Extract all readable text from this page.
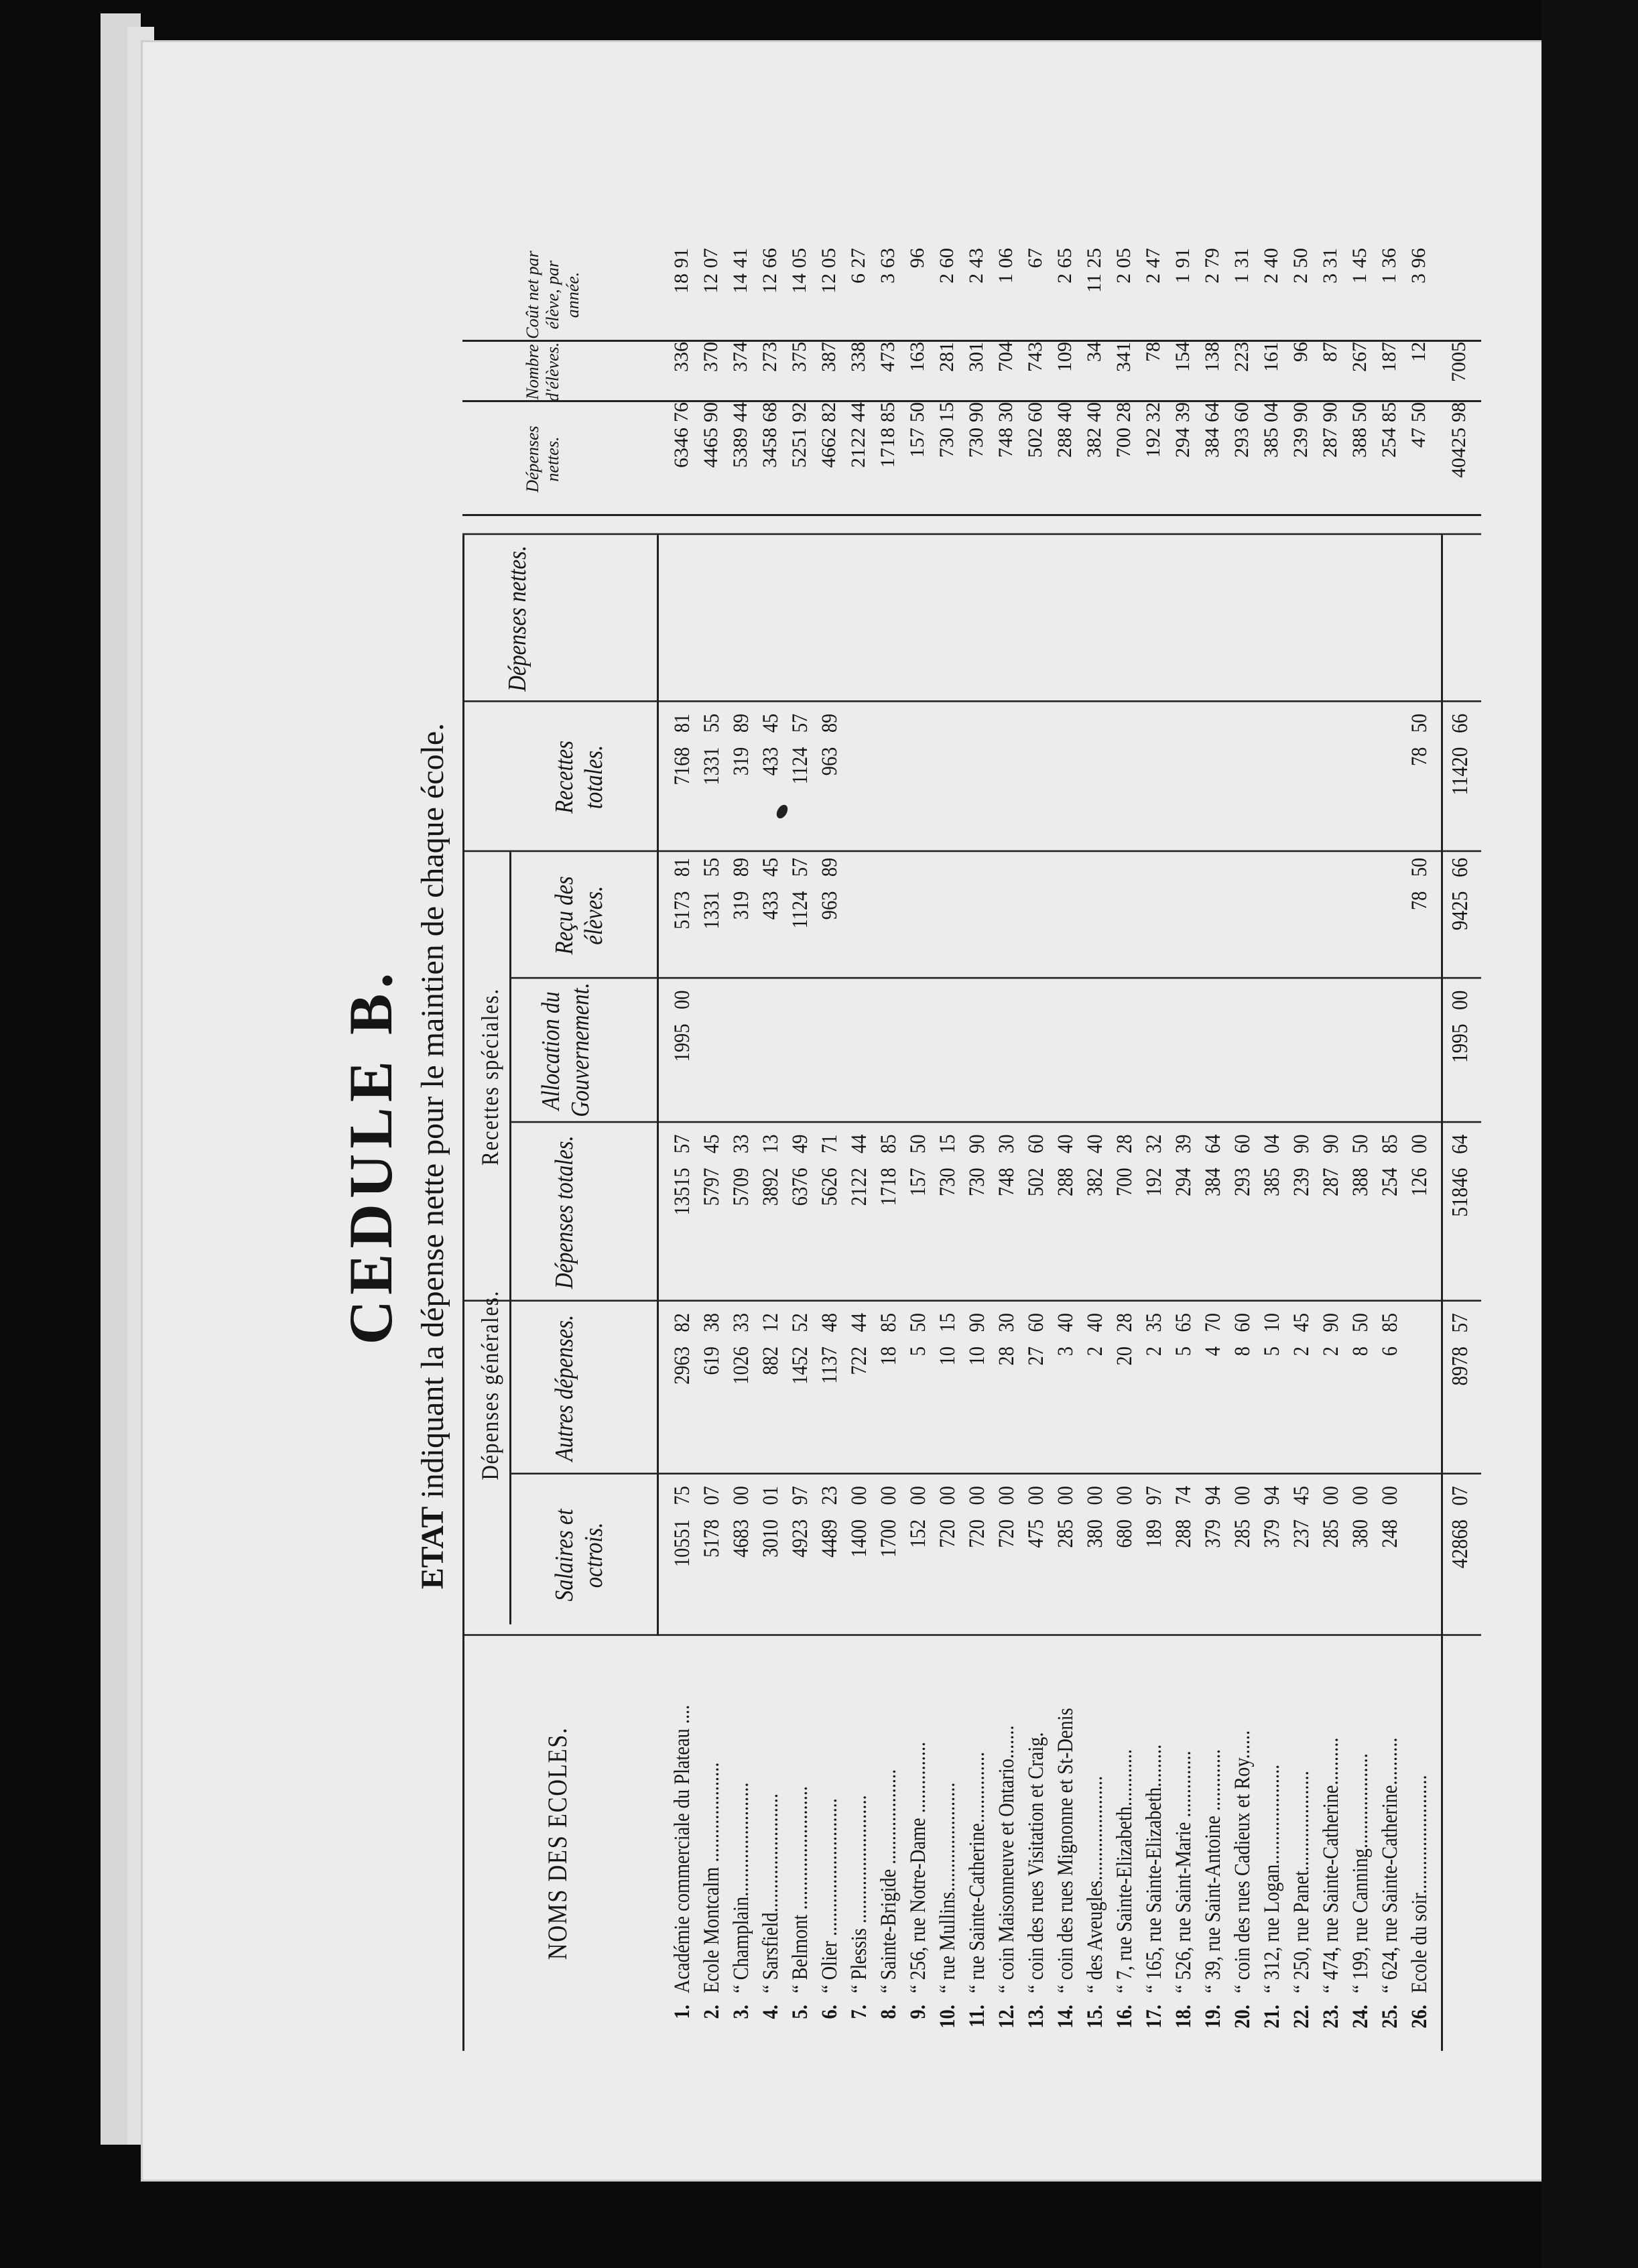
CEDULE B.
ETAT indiquant la dépense nette pour le maintien de chaque école.
NOMS DES ECOLES.
Dépenses générales.
Recettes spéciales.
Salaires et octrois.
Autres dépenses.
Dépenses totales.
Allocation du Gouvernement.
Reçu des élèves.
Recettes totales.
1.
Académie commerciale du Plateau ....
1055175
296382
1351557
199500
517381
716881
2.
Ecole Montcalm .....................
517807
61938
579745
133155
133155
3.
“ Champlain........................
468300
102633
570933
31989
31989
4.
“ Sarsfield.........................
301001
88212
389213
43345
43345
5.
“ Belmont ..........................
492397
145252
637649
112457
112457
6.
“ Olier .............................
448923
113748
562671
96389
96389
7.
“ Plessis ...........................
140000
72244
212244
8.
“ Sainte-Brigide ....................
170000
1885
171885
9.
“ 256, rue Notre-Dame ...............
15200
550
15750
10.
“ rue Mullins.......................
72000
1015
73015
11.
“ rue Sainte-Catherine...............
72000
1090
73090
12.
“ coin Maisonneuve et Ontario.......
72000
2830
74830
13.
“ coin des rues Visitation et Craig.
47500
2760
50260
14.
“ coin des rues Mignonne et St-Denis
28500
340
28840
15.
“ des Aveugles......................
38000
240
38240
16.
“ 7, rue Sainte-Elizabeth............
68000
2028
70028
17.
“ 165, rue Sainte-Elizabeth.........
18997
235
19232
18.
“ 526, rue Saint-Marie ..............
28874
565
29439
19.
“ 39, rue Saint-Antoine .............
37994
470
38464
20.
“ coin des rues Cadieux et Roy......
28500
860
29360
21.
“ 312, rue Logan.....................
37994
510
38504
22.
“ 250, rue Panet.....................
23745
245
23990
23.
“ 474, rue Sainte-Catherine..........
28500
290
28790
24.
“ 199, rue Canning....................
38000
850
38850
25.
“ 624, rue Sainte-Catherine..........
24800
685
25485
26.
Ecole du soir.........................
12600
7850
7850
4286807
897857
5184664
199500
942566
1142066
Dépenses nettes.
Dépenses nettes.
Nombre d'élèves.
Coût net par élève, par année.
634676
336
1891
446590
370
1207
538944
374
1441
345868
273
1266
525192
375
1405
466282
387
1205
212244
338
627
171885
473
363
15750
163
96
73015
281
260
73090
301
243
74830
704
106
50260
743
67
28840
109
265
38240
34
1125
70028
341
205
19232
78
247
29439
154
191
38464
138
279
29360
223
131
38504
161
240
23990
96
250
28790
87
331
38850
267
145
25485
187
136
4750
12
396
4042598
7005
